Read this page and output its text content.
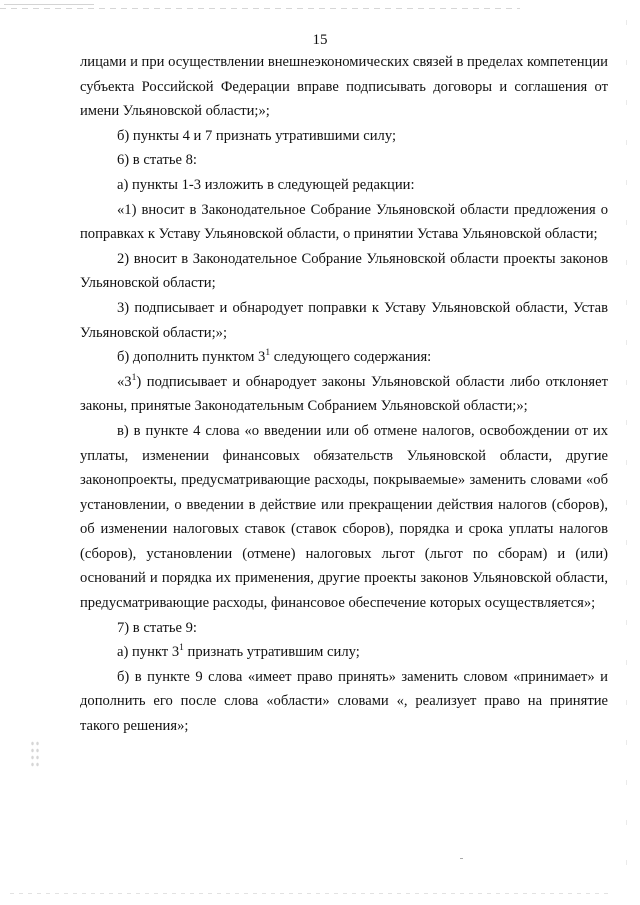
15

лицами и при осуществлении внешнеэкономических связей в пределах компетенции субъекта Российской Федерации вправе подписывать договоры и соглашения от имени Ульяновской области;»;

б) пункты 4 и 7 признать утратившими силу;

6) в статье 8:

а) пункты 1-3 изложить в следующей редакции:

«1) вносит в Законодательное Собрание Ульяновской области предложения о поправках к Уставу Ульяновской области, о принятии Устава Ульяновской области;

2) вносит в Законодательное Собрание Ульяновской области проекты законов Ульяновской области;

3) подписывает и обнародует поправки к Уставу Ульяновской области, Устав Ульяновской области;»;

б) дополнить пунктом $3^1$ следующего содержания:

«$3^1$) подписывает и обнародует законы Ульяновской области либо отклоняет законы, принятые Законодательным Собранием Ульяновской области;»;

в) в пункте 4 слова «о введении или об отмене налогов, освобождении от их уплаты, изменении финансовых обязательств Ульяновской области, другие законопроекты, предусматривающие расходы, покрываемые» заменить словами «об установлении, о введении в действие или прекращении действия налогов (сборов), об изменении налоговых ставок (ставок сборов), порядка и срока уплаты налогов (сборов), установлении (отмене) налоговых льгот (льгот по сборам) и (или) оснований и порядка их применения, другие проекты законов Ульяновской области, предусматривающие расходы, финансовое обеспечение которых осуществляется»;

7) в статье 9:

а) пункт $3^1$ признать утратившим силу;

б) в пункте 9 слова «имеет право принять» заменить словом «принимает» и дополнить его после слова «области» словами «, реализует право на принятие такого решения»;
